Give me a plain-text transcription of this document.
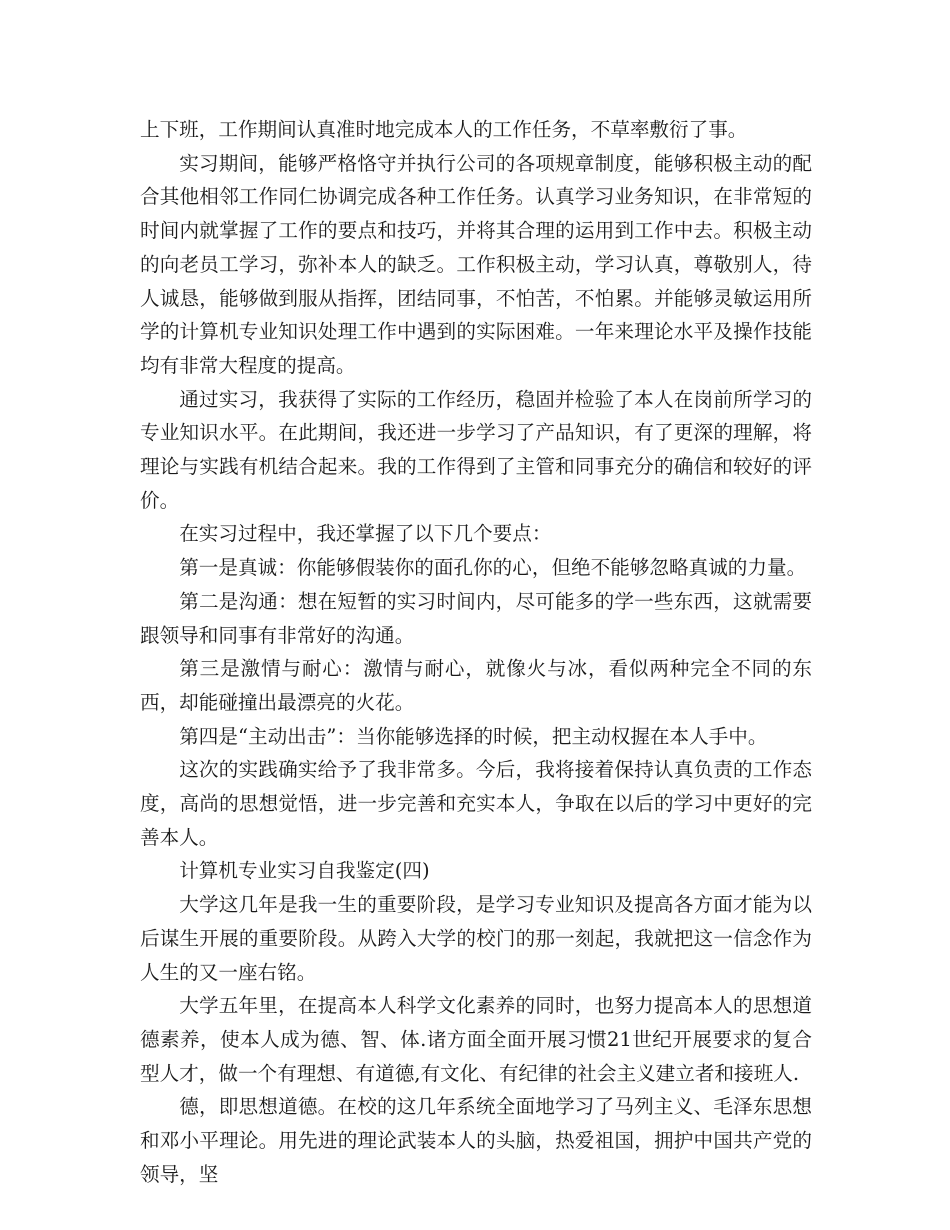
上下班，工作期间认真准时地完成本人的工作任务，不草率敷衍了事。

实习期间，能够严格恪守并执行公司的各项规章制度，能够积极主动的配合其他相邻工作同仁协调完成各种工作任务。认真学习业务知识，在非常短的时间内就掌握了工作的要点和技巧，并将其合理的运用到工作中去。积极主动的向老员工学习，弥补本人的缺乏。工作积极主动，学习认真，尊敬别人，待人诚恳，能够做到服从指挥，团结同事，不怕苦，不怕累。并能够灵敏运用所学的计算机专业知识处理工作中遇到的实际困难。一年来理论水平及操作技能均有非常大程度的提高。

通过实习，我获得了实际的工作经历，稳固并检验了本人在岗前所学习的专业知识水平。在此期间，我还进一步学习了产品知识，有了更深的理解，将理论与实践有机结合起来。我的工作得到了主管和同事充分的确信和较好的评价。

在实习过程中，我还掌握了以下几个要点：

第一是真诚：你能够假装你的面孔你的心，但绝不能够忽略真诚的力量。

第二是沟通：想在短暂的实习时间内，尽可能多的学一些东西，这就需要跟领导和同事有非常好的沟通。

第三是激情与耐心：激情与耐心，就像火与冰，看似两种完全不同的东西，却能碰撞出最漂亮的火花。

第四是“主动出击”：当你能够选择的时候，把主动权握在本人手中。

这次的实践确实给予了我非常多。今后，我将接着保持认真负责的工作态度，高尚的思想觉悟，进一步完善和充实本人，争取在以后的学习中更好的完善本人。

计算机专业实习自我鉴定(四)

大学这几年是我一生的重要阶段，是学习专业知识及提高各方面才能为以后谋生开展的重要阶段。从跨入大学的校门的那一刻起，我就把这一信念作为人生的又一座右铭。

大学五年里，在提高本人科学文化素养的同时，也努力提高本人的思想道德素养，使本人成为德、智、体.诸方面全面开展习惯21世纪开展要求的复合型人才，做一个有理想、有道德,有文化、有纪律的社会主义建立者和接班人.

德，即思想道德。在校的这几年系统全面地学习了马列主义、毛泽东思想和邓小平理论。用先进的理论武装本人的头脑，热爱祖国，拥护中国共产党的领导，坚
